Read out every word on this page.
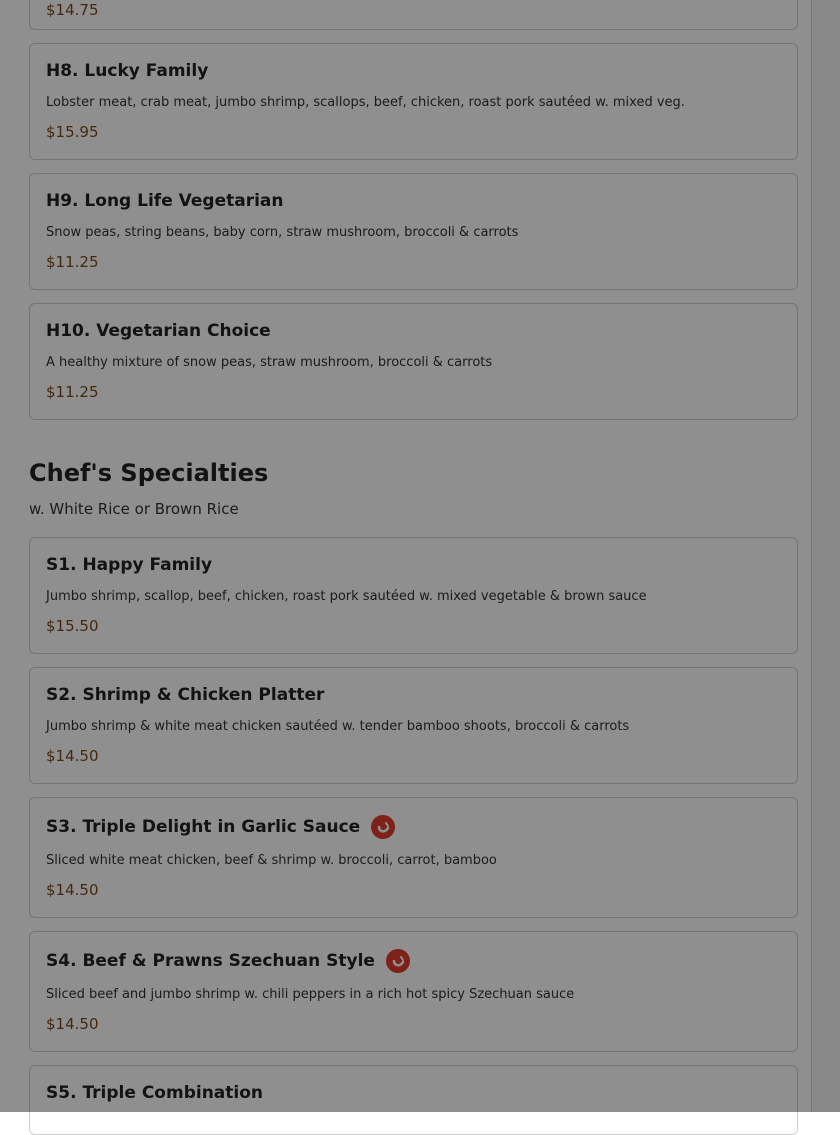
$14.75
H8. Lucky Family
Lobster meat, crab meat, jumbo shrimp, scallops, beef, chicken, roast pork sautéed w. mixed veg.
$15.95
H9. Long Life Vegetarian
Snow peas, string beans, baby corn, straw mushroom, broccoli & carrots
$11.25
H10. Vegetarian Choice
A healthy mixture of snow peas, straw mushroom, broccoli & carrots
$11.25
Chef's Specialties
w. White Rice or Brown Rice
S1. Happy Family
Jumbo shrimp, scallop, beef, chicken, roast pork sautéed w. mixed vegetable & brown sauce
$15.50
S2. Shrimp & Chicken Platter
Jumbo shrimp & white meat chicken sautéed w. tender bamboo shoots, broccoli & carrots
$14.50
S3. Triple Delight in Garlic Sauce
Sliced white meat chicken, beef & shrimp w. broccoli, carrot, bamboo
$14.50
S4. Beef & Prawns Szechuan Style
Sliced beef and jumbo shrimp w. chili peppers in a rich hot spicy Szechuan sauce
$14.50
S5. Triple Combination
